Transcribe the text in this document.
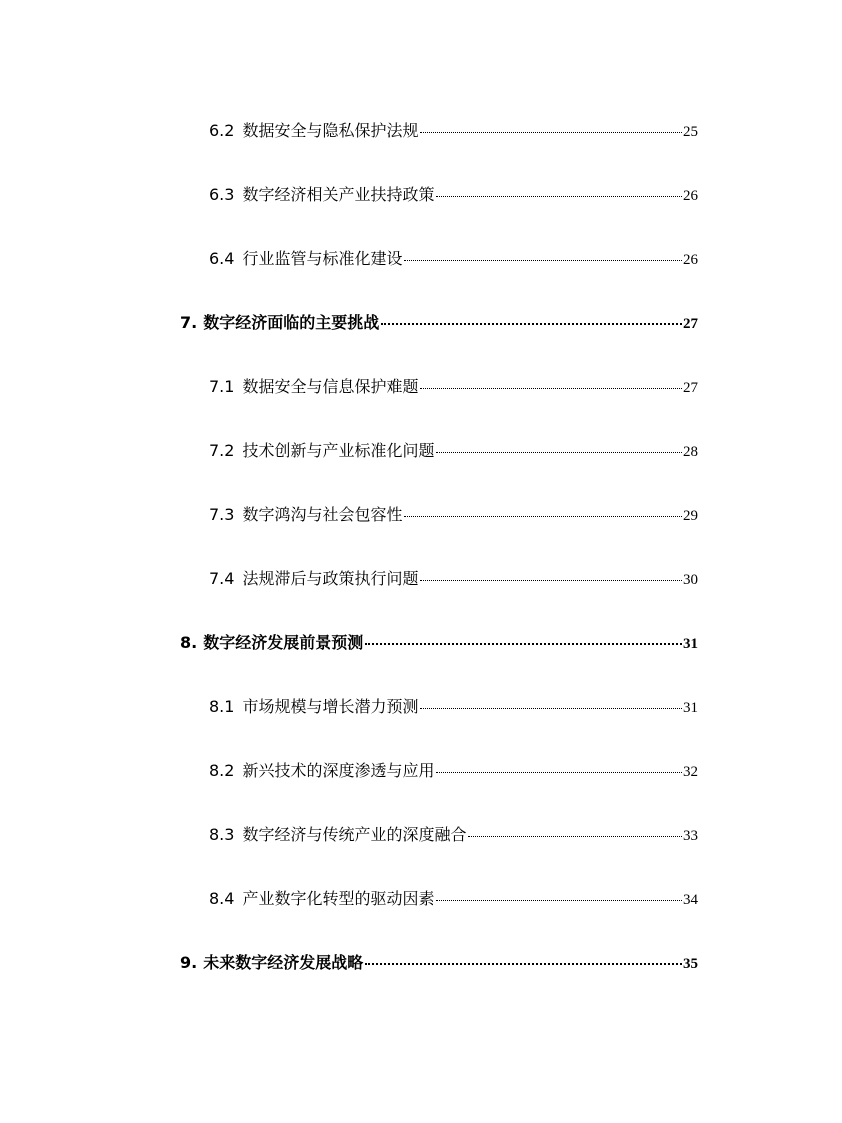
6.2 数据安全与隐私保护法规	25
6.3 数字经济相关产业扶持政策	26
6.4 行业监管与标准化建设	26
7. 数字经济面临的主要挑战	27
7.1 数据安全与信息保护难题	27
7.2 技术创新与产业标准化问题	28
7.3 数字鸿沟与社会包容性	29
7.4 法规滞后与政策执行问题	30
8. 数字经济发展前景预测	31
8.1 市场规模与增长潜力预测	31
8.2 新兴技术的深度渗透与应用	32
8.3 数字经济与传统产业的深度融合	33
8.4 产业数字化转型的驱动因素	34
9. 未来数字经济发展战略	35
